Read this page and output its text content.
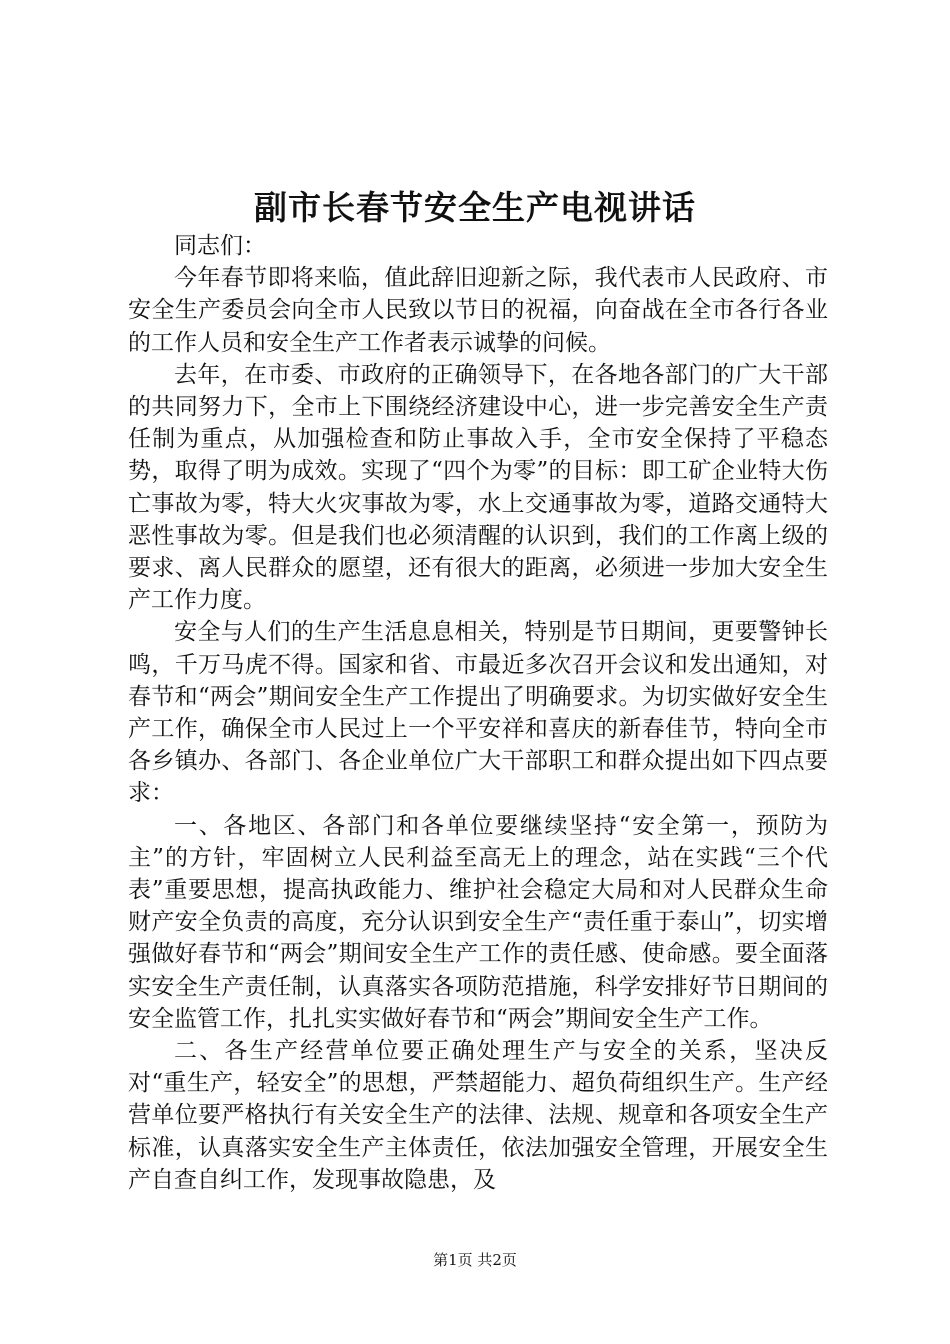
副市长春节安全生产电视讲话

同志们：

今年春节即将来临，值此辞旧迎新之际，我代表市人民政府、市安全生产委员会向全市人民致以节日的祝福，向奋战在全市各行各业的工作人员和安全生产工作者表示诚挚的问候。

去年，在市委、市政府的正确领导下，在各地各部门的广大干部的共同努力下，全市上下围绕经济建设中心，进一步完善安全生产责任制为重点，从加强检查和防止事故入手，全市安全保持了平稳态势，取得了明为成效。实现了“四个为零”的目标：即工矿企业特大伤亡事故为零，特大火灾事故为零，水上交通事故为零，道路交通特大恶性事故为零。但是我们也必须清醒的认识到，我们的工作离上级的要求、离人民群众的愿望，还有很大的距离，必须进一步加大安全生产工作力度。

安全与人们的生产生活息息相关，特别是节日期间，更要警钟长鸣，千万马虎不得。国家和省、市最近多次召开会议和发出通知，对春节和“两会”期间安全生产工作提出了明确要求。为切实做好安全生产工作，确保全市人民过上一个平安祥和喜庆的新春佳节，特向全市各乡镇办、各部门、各企业单位广大干部职工和群众提出如下四点要求：

一、各地区、各部门和各单位要继续坚持“安全第一，预防为主”的方针，牢固树立人民利益至高无上的理念，站在实践“三个代表”重要思想，提高执政能力、维护社会稳定大局和对人民群众生命财产安全负责的高度，充分认识到安全生产“责任重于泰山”，切实增强做好春节和“两会”期间安全生产工作的责任感、使命感。要全面落实安全生产责任制，认真落实各项防范措施，科学安排好节日期间的安全监管工作，扎扎实实做好春节和“两会”期间安全生产工作。

二、各生产经营单位要正确处理生产与安全的关系，坚决反对“重生产，轻安全”的思想，严禁超能力、超负荷组织生产。生产经营单位要严格执行有关安全生产的法律、法规、规章和各项安全生产标准，认真落实安全生产主体责任，依法加强安全管理，开展安全生产自查自纠工作，发现事故隐患，及

第1页 共2页
